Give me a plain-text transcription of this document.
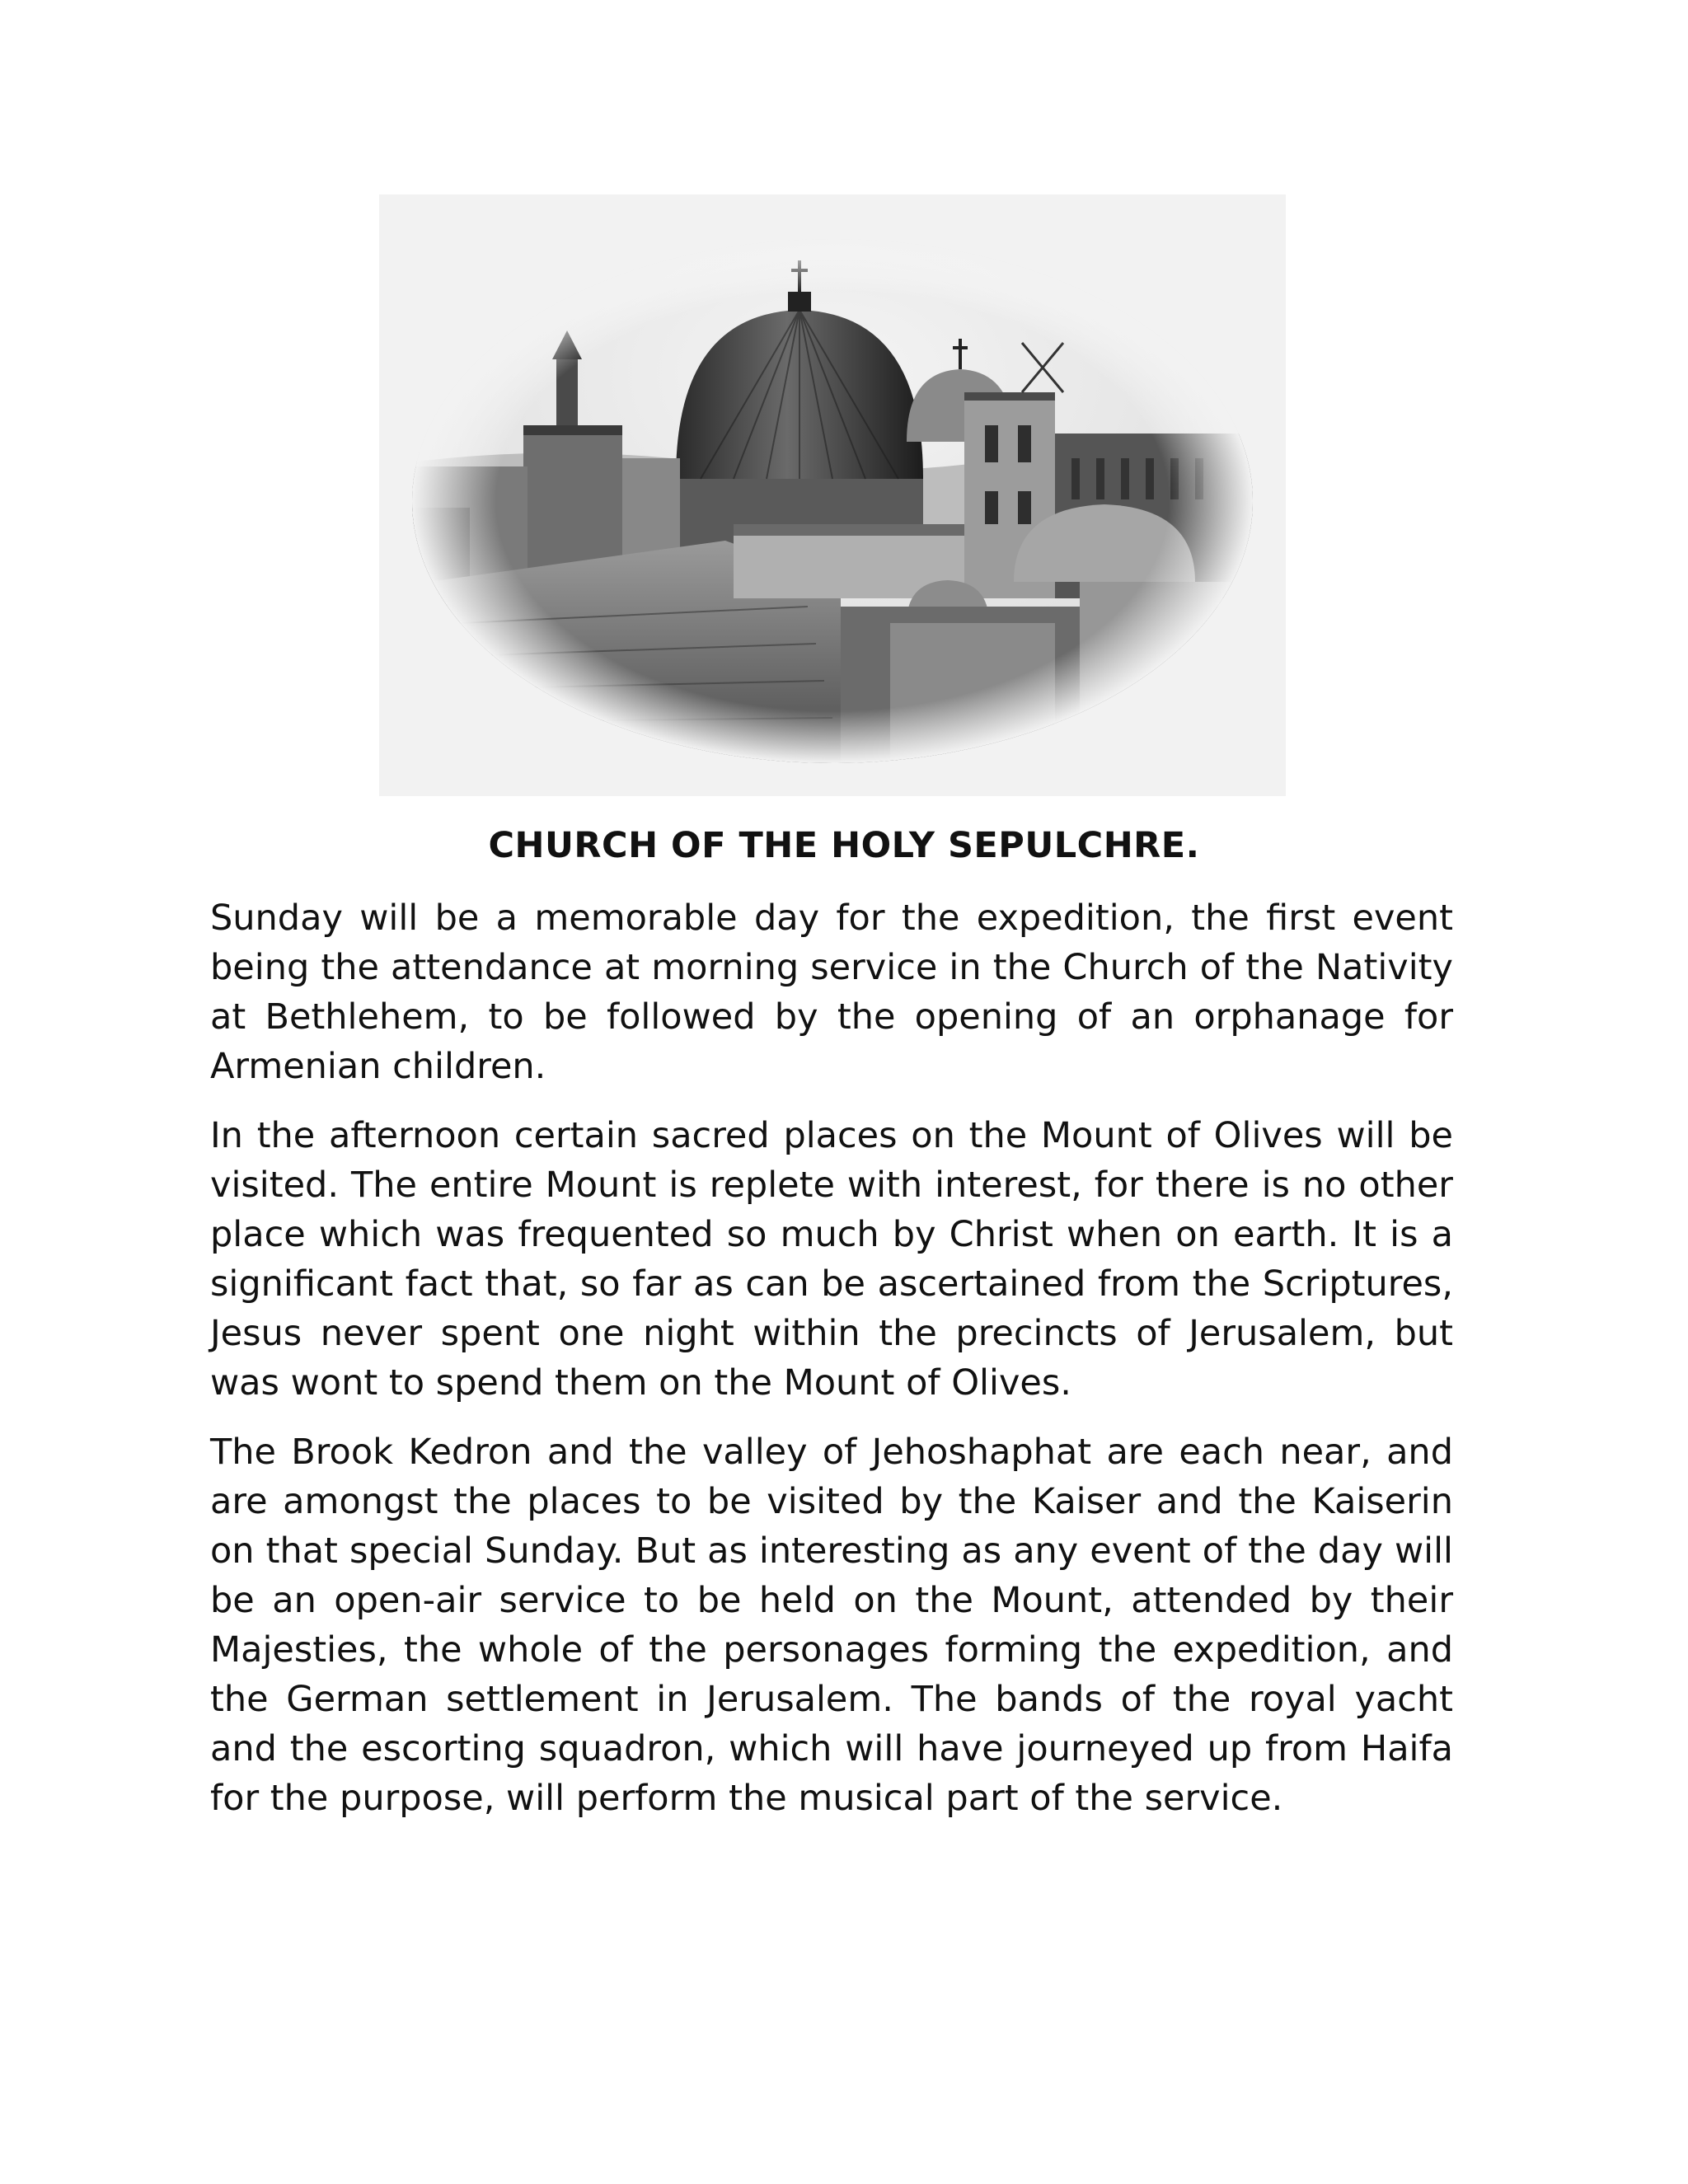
CHURCH OF THE HOLY SEPULCHRE.

Sunday will be a memorable day for the expedition, the first event being the attendance at morning service in the Church of the Nativity at Bethlehem, to be followed by the opening of an orphanage for Armenian children.

In the afternoon certain sacred places on the Mount of Olives will be visited. The entire Mount is replete with interest, for there is no other place which was frequented so much by Christ when on earth. It is a significant fact that, so far as can be ascertained from the Scriptures, Jesus never spent one night within the precincts of Jerusalem, but was wont to spend them on the Mount of Olives.

The Brook Kedron and the valley of Jehoshaphat are each near, and are amongst the places to be visited by the Kaiser and the Kaiserin on that special Sunday. But as interesting as any event of the day will be an open-air service to be held on the Mount, attended by their Majesties, the whole of the personages forming the expedition, and the German settlement in Jerusalem. The bands of the royal yacht and the escorting squadron, which will have journeyed up from Haifa for the purpose, will perform the musical part of the service.
